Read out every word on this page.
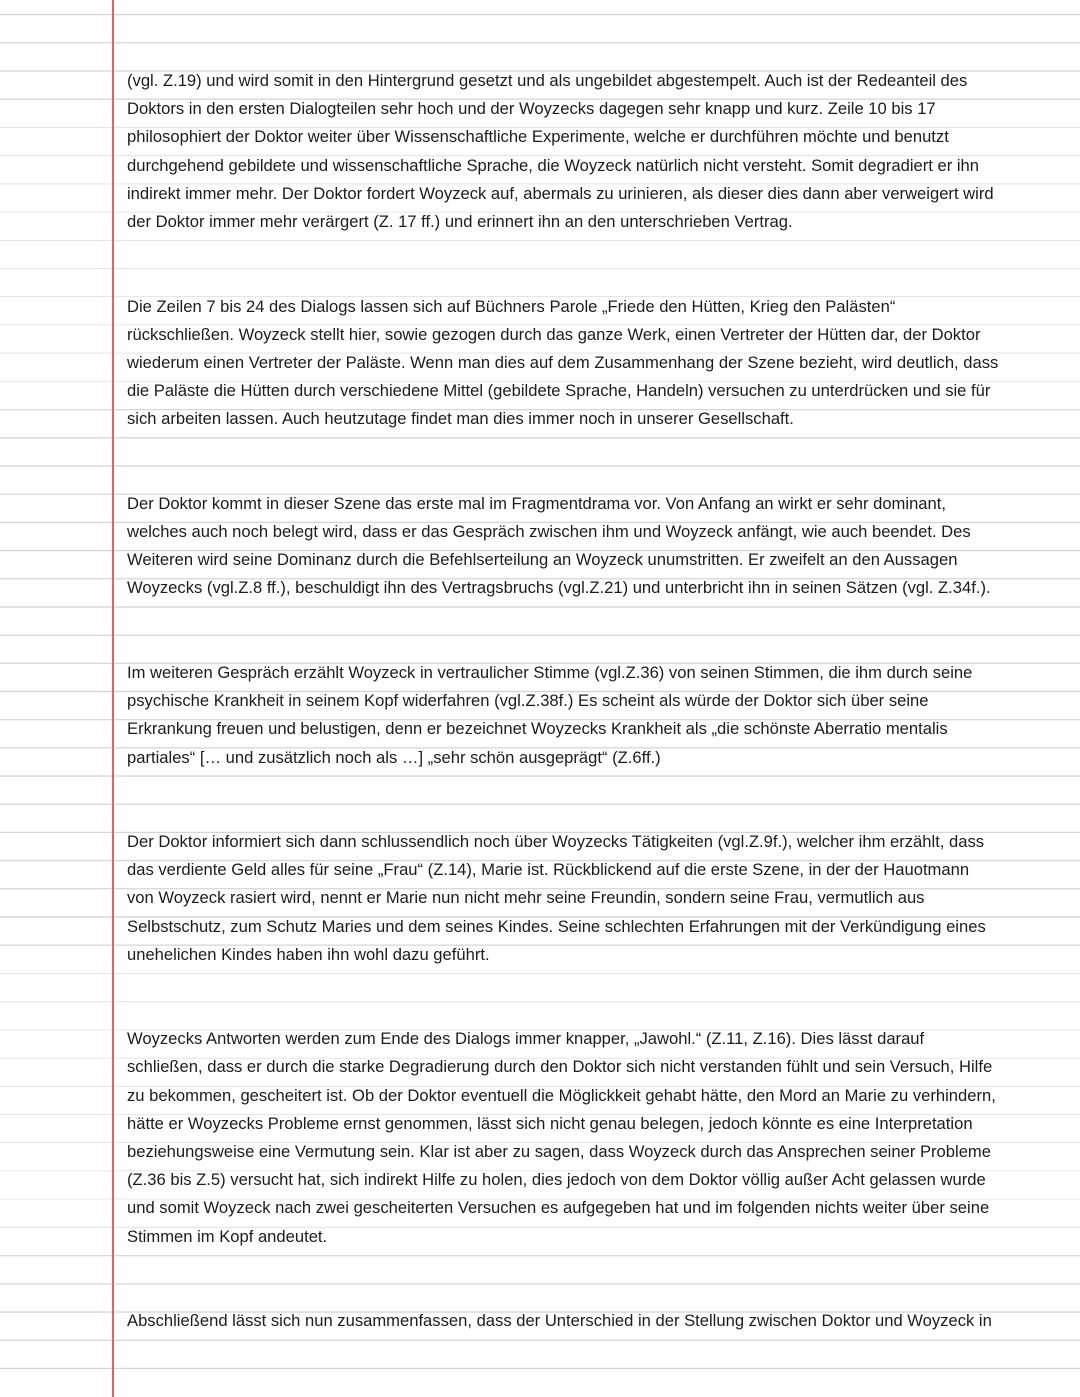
(vgl. Z.19) und wird somit in den Hintergrund gesetzt und als ungebildet abgestempelt. Auch ist der Redeanteil des
Doktors in den ersten Dialogteilen sehr hoch und der Woyzecks dagegen sehr knapp und kurz. Zeile 10 bis 17
philosophiert der Doktor weiter über Wissenschaftliche Experimente, welche er durchführen möchte und benutzt
durchgehend gebildete und wissenschaftliche Sprache, die Woyzeck natürlich nicht versteht. Somit degradiert er ihn
indirekt immer mehr. Der Doktor fordert Woyzeck auf, abermals zu urinieren, als dieser dies dann aber verweigert wird
der Doktor immer mehr verärgert (Z. 17 ff.) und erinnert ihn an den unterschrieben Vertrag.
Die Zeilen 7 bis 24 des Dialogs lassen sich auf Büchners Parole „Friede den Hütten, Krieg den Palästen“
rückschließen. Woyzeck stellt hier, sowie gezogen durch das ganze Werk, einen Vertreter der Hütten dar, der Doktor
wiederum einen Vertreter der Paläste. Wenn man dies auf dem Zusammenhang der Szene bezieht, wird deutlich, dass
die Paläste die Hütten durch verschiedene Mittel (gebildete Sprache, Handeln) versuchen zu unterdrücken und sie für
sich arbeiten lassen. Auch heutzutage findet man dies immer noch in unserer Gesellschaft.
Der Doktor kommt in dieser Szene das erste mal im Fragmentdrama vor. Von Anfang an wirkt er sehr dominant,
welches auch noch belegt wird, dass er das Gespräch zwischen ihm und Woyzeck anfängt, wie auch beendet. Des
Weiteren wird seine Dominanz durch die Befehlserteilung an Woyzeck unumstritten. Er zweifelt an den Aussagen
Woyzecks (vgl.Z.8 ff.), beschuldigt ihn des Vertragsbruchs (vgl.Z.21) und unterbricht ihn in seinen Sätzen (vgl. Z.34f.).
Im weiteren Gespräch erzählt Woyzeck in vertraulicher Stimme (vgl.Z.36) von seinen Stimmen, die ihm durch seine
psychische Krankheit in seinem Kopf widerfahren (vgl.Z.38f.) Es scheint als würde der Doktor sich über seine
Erkrankung freuen und belustigen, denn er bezeichnet Woyzecks Krankheit als „die schönste Aberratio mentalis
partiales“ [… und zusätzlich noch als …] „sehr schön ausgeprägt“ (Z.6ff.)
Der Doktor informiert sich dann schlussendlich noch über Woyzecks Tätigkeiten (vgl.Z.9f.), welcher ihm erzählt, dass
das verdiente Geld alles für seine „Frau“ (Z.14), Marie ist. Rückblickend auf die erste Szene, in der der Hauotmann
von Woyzeck rasiert wird, nennt er Marie nun nicht mehr seine Freundin, sondern seine Frau, vermutlich aus
Selbstschutz, zum Schutz Maries und dem seines Kindes. Seine schlechten Erfahrungen mit der Verkündigung eines
unehelichen Kindes haben ihn wohl dazu geführt.
Woyzecks Antworten werden zum Ende des Dialogs immer knapper, „Jawohl.“ (Z.11, Z.16). Dies lässt darauf
schließen, dass er durch die starke Degradierung durch den Doktor sich nicht verstanden fühlt und sein Versuch, Hilfe
zu bekommen, gescheitert ist. Ob der Doktor eventuell die Möglickkeit gehabt hätte, den Mord an Marie zu verhindern,
hätte er Woyzecks Probleme ernst genommen, lässt sich nicht genau belegen, jedoch könnte es eine Interpretation
beziehungsweise eine Vermutung sein. Klar ist aber zu sagen, dass Woyzeck durch das Ansprechen seiner Probleme
(Z.36 bis Z.5) versucht hat, sich indirekt Hilfe zu holen, dies jedoch von dem Doktor völlig außer Acht gelassen wurde
und somit Woyzeck nach zwei gescheiterten Versuchen es aufgegeben hat und im folgenden nichts weiter über seine
Stimmen im Kopf andeutet.
Abschließend lässt sich nun zusammenfassen, dass der Unterschied in der Stellung zwischen Doktor und Woyzeck in
